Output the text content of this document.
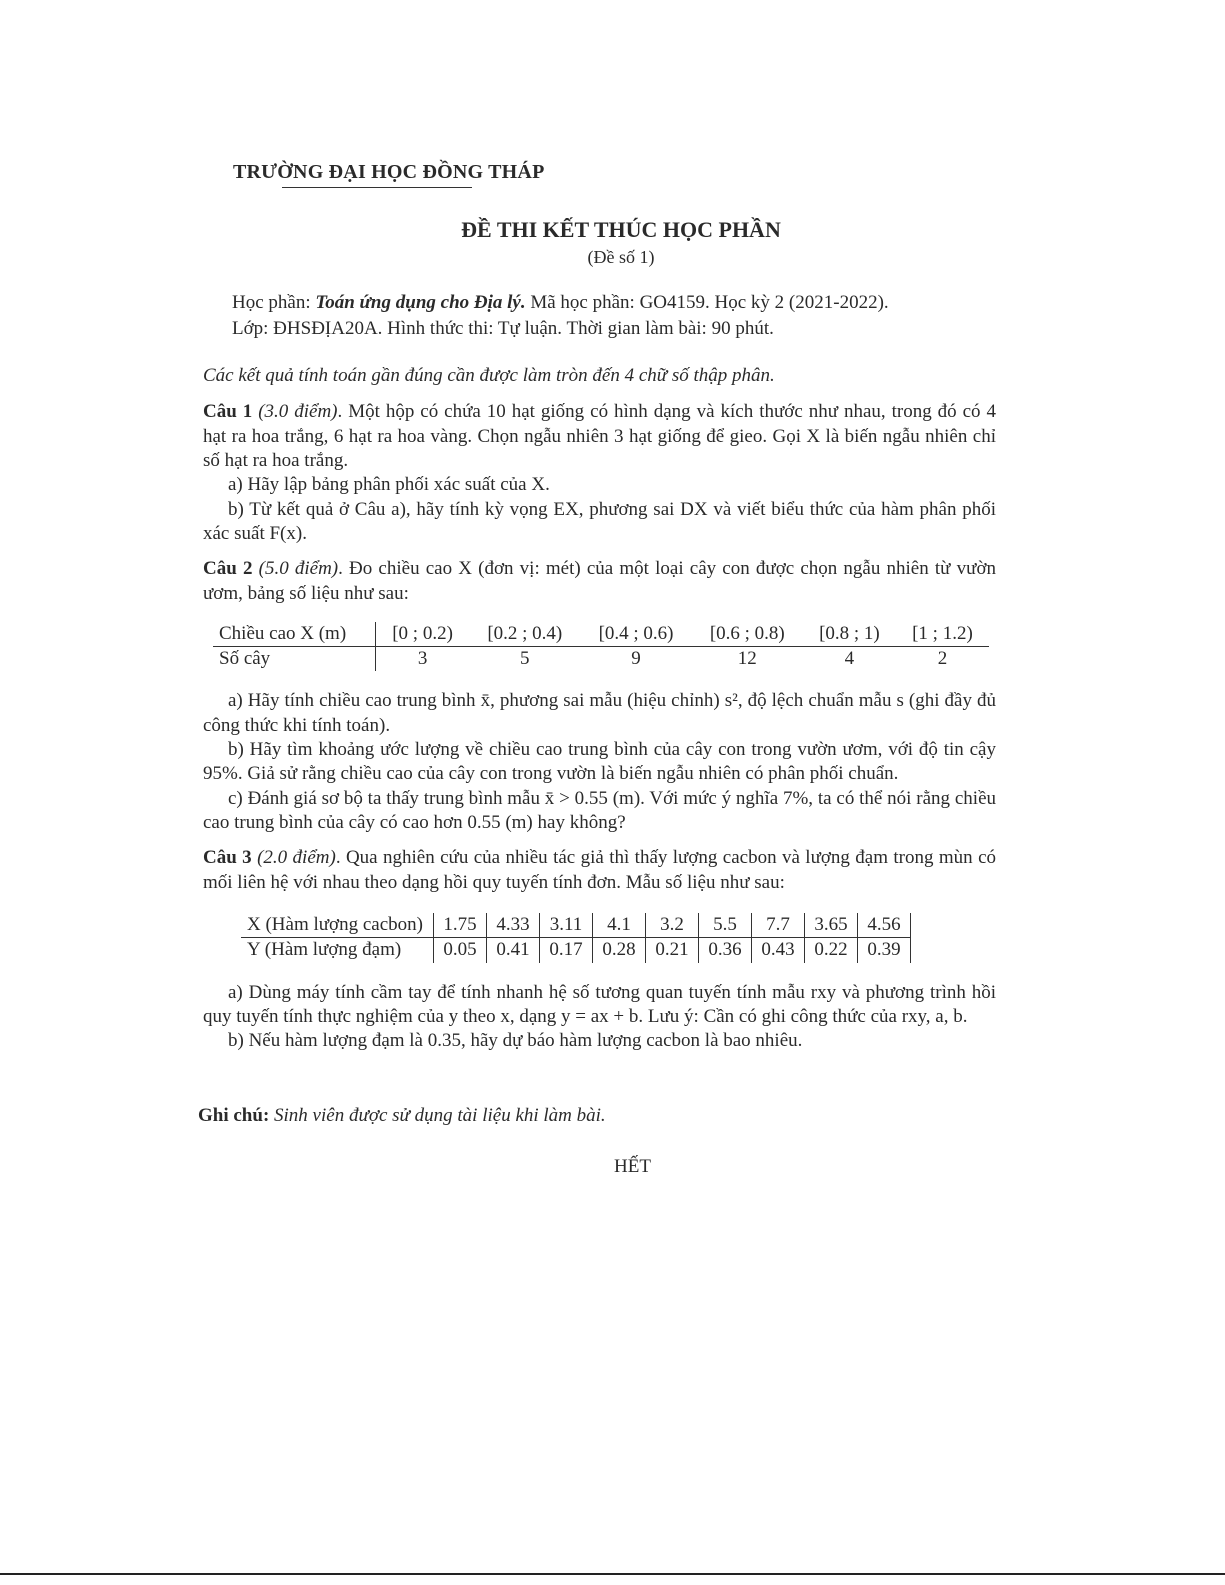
TRƯỜNG ĐẠI HỌC ĐỒNG THÁP
ĐỀ THI KẾT THÚC HỌC PHẦN
(Đề số 1)
Học phần: Toán ứng dụng cho Địa lý. Mã học phần: GO4159. Học kỳ 2 (2021-2022).
Lớp: ĐHSĐỊA20A. Hình thức thi: Tự luận. Thời gian làm bài: 90 phút.

Các kết quả tính toán gần đúng cần được làm tròn đến 4 chữ số thập phân.

Câu 1 (3.0 điểm). Một hộp có chứa 10 hạt giống có hình dạng và kích thước như nhau, trong đó có 4 hạt ra hoa trắng, 6 hạt ra hoa vàng. Chọn ngẫu nhiên 3 hạt giống để gieo. Gọi X là biến ngẫu nhiên chỉ số hạt ra hoa trắng.

a) Hãy lập bảng phân phối xác suất của X.

b) Từ kết quả ở Câu a), hãy tính kỳ vọng EX, phương sai DX và viết biểu thức của hàm phân phối xác suất F(x).

Câu 2 (5.0 điểm). Đo chiều cao X (đơn vị: mét) của một loại cây con được chọn ngẫu nhiên từ vườn ươm, bảng số liệu như sau:

Chiều cao X (m)	[0 ; 0.2)	[0.2 ; 0.4)	[0.4 ; 0.6)	[0.6 ; 0.8)	[0.8 ; 1)	[1 ; 1.2)
Số cây	3	5	9	12	4	2

a) Hãy tính chiều cao trung bình x̄, phương sai mẫu (hiệu chỉnh) s², độ lệch chuẩn mẫu s (ghi đầy đủ công thức khi tính toán).

b) Hãy tìm khoảng ước lượng về chiều cao trung bình của cây con trong vườn ươm, với độ tin cậy 95%. Giả sử rằng chiều cao của cây con trong vườn là biến ngẫu nhiên có phân phối chuẩn.

c) Đánh giá sơ bộ ta thấy trung bình mẫu x̄ > 0.55 (m). Với mức ý nghĩa 7%, ta có thể nói rằng chiều cao trung bình của cây có cao hơn 0.55 (m) hay không?

Câu 3 (2.0 điểm). Qua nghiên cứu của nhiều tác giả thì thấy lượng cacbon và lượng đạm trong mùn có mối liên hệ với nhau theo dạng hồi quy tuyến tính đơn. Mẫu số liệu như sau:

X (Hàm lượng cacbon)	1.75	4.33	3.11	4.1	3.2	5.5	7.7	3.65	4.56
Y (Hàm lượng đạm)	0.05	0.41	0.17	0.28	0.21	0.36	0.43	0.22	0.39

a) Dùng máy tính cầm tay để tính nhanh hệ số tương quan tuyến tính mẫu rxy và phương trình hồi quy tuyến tính thực nghiệm của y theo x, dạng y = ax + b. Lưu ý: Cần có ghi công thức của rxy, a, b.

b) Nếu hàm lượng đạm là 0.35, hãy dự báo hàm lượng cacbon là bao nhiêu.

Ghi chú: Sinh viên được sử dụng tài liệu khi làm bài.
HẾT
